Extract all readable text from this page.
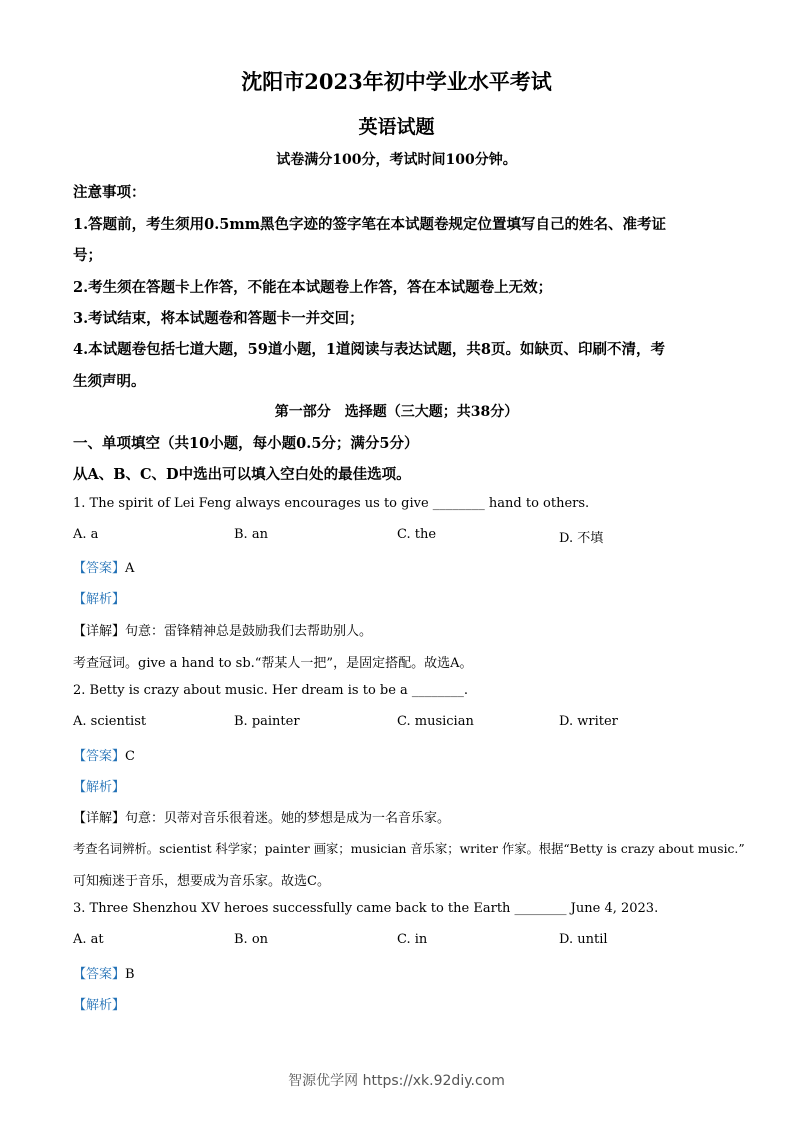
沈阳市2023年初中学业水平考试
英语试题
试卷满分100分，考试时间100分钟。
注意事项：
1.答题前，考生须用0.5mm黑色字迹的签字笔在本试题卷规定位置填写自己的姓名、准考证
号；
2.考生须在答题卡上作答，不能在本试题卷上作答，答在本试题卷上无效；
3.考试结束，将本试题卷和答题卡一并交回；
4.本试题卷包括七道大题，59道小题，1道阅读与表达试题，共8页。如缺页、印刷不清，考
生须声明。
第一部分　选择题（三大题；共38分）
一、单项填空（共10小题，每小题0.5分；满分5分）
从A、B、C、D中选出可以填入空白处的最佳选项。
1. The spirit of Lei Feng always encourages us to give ________ hand to others.
A. a	B. an	C. the	D. 不填
【答案】A
【解析】
【详解】句意：雷锋精神总是鼓励我们去帮助别人。
考查冠词。give a hand to sb.“帮某人一把”，是固定搭配。故选A。
2. Betty is crazy about music. Her dream is to be a ________.
A. scientist	B. painter	C. musician	D. writer
【答案】C
【解析】
【详解】句意：贝蒂对音乐很着迷。她的梦想是成为一名音乐家。
考查名词辨析。scientist 科学家；painter 画家；musician 音乐家；writer 作家。根据“Betty is crazy about music.”
可知痴迷于音乐，想要成为音乐家。故选C。
3. Three Shenzhou XV heroes successfully came back to the Earth ________ June 4, 2023.
A. at	B. on	C. in	D. until
【答案】B
【解析】
智源优学网 https://xk.92diy.com
